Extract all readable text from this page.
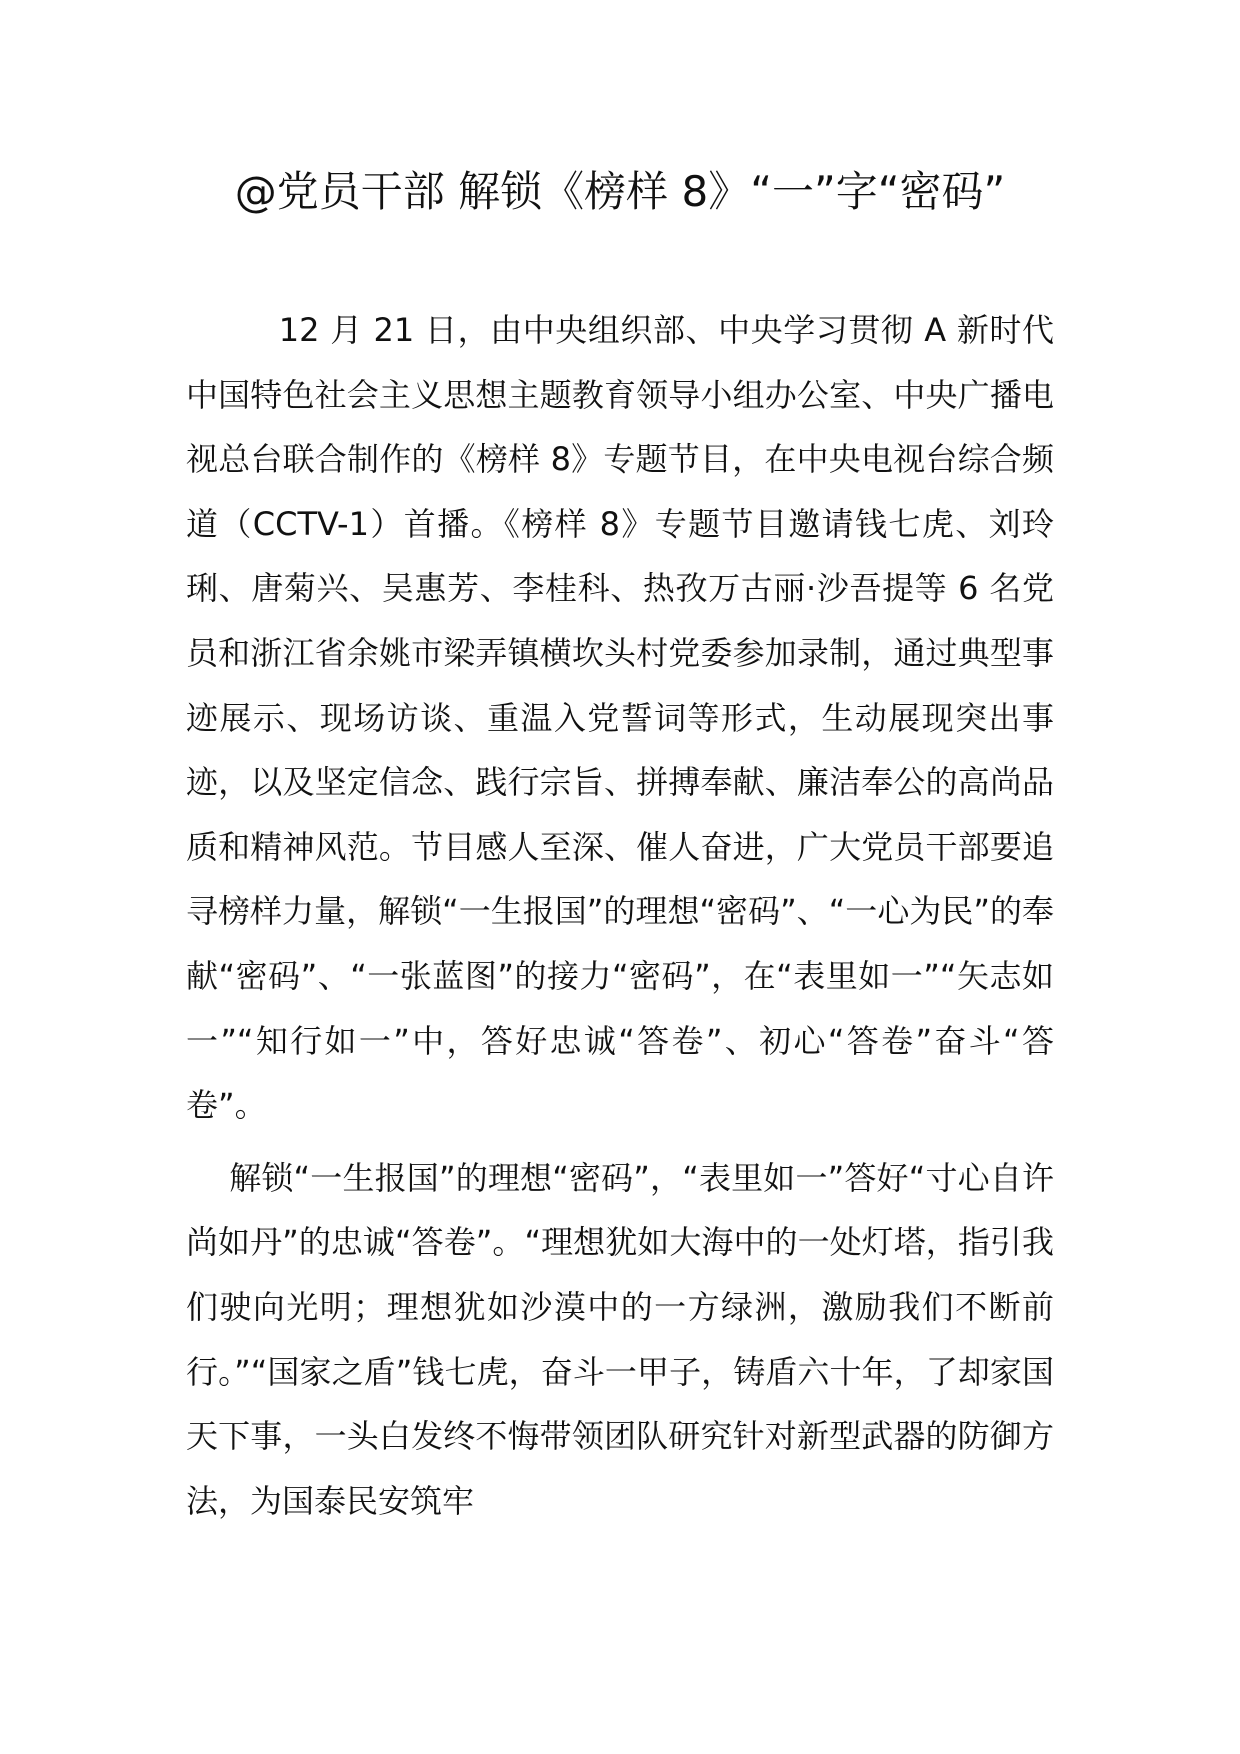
@党员干部 解锁《榜样 8》“一”字“密码”

12 月 21 日，由中央组织部、中央学习贯彻 A 新时代中国特色社会主义思想主题教育领导小组办公室、中央广播电视总台联合制作的《榜样 8》专题节目，在中央电视台综合频道（CCTV-1）首播。《榜样 8》专题节目邀请钱七虎、刘玲琍、唐菊兴、吴惠芳、李桂科、热孜万古丽·沙吾提等 6 名党员和浙江省余姚市梁弄镇横坎头村党委参加录制，通过典型事迹展示、现场访谈、重温入党誓词等形式，生动展现突出事迹，以及坚定信念、践行宗旨、拼搏奉献、廉洁奉公的高尚品质和精神风范。节目感人至深、催人奋进，广大党员干部要追寻榜样力量，解锁“一生报国”的理想“密码”、“一心为民”的奉献“密码”、“一张蓝图”的接力“密码”，在“表里如一”“矢志如一”“知行如一”中，答好忠诚“答卷”、初心“答卷”奋斗“答卷”。

解锁“一生报国”的理想“密码”，“表里如一”答好“寸心自许尚如丹”的忠诚“答卷”。“理想犹如大海中的一处灯塔，指引我们驶向光明；理想犹如沙漠中的一方绿洲，激励我们不断前行。”“国家之盾”钱七虎，奋斗一甲子，铸盾六十年，了却家国天下事，一头白发终不悔带领团队研究针对新型武器的防御方法，为国泰民安筑牢
